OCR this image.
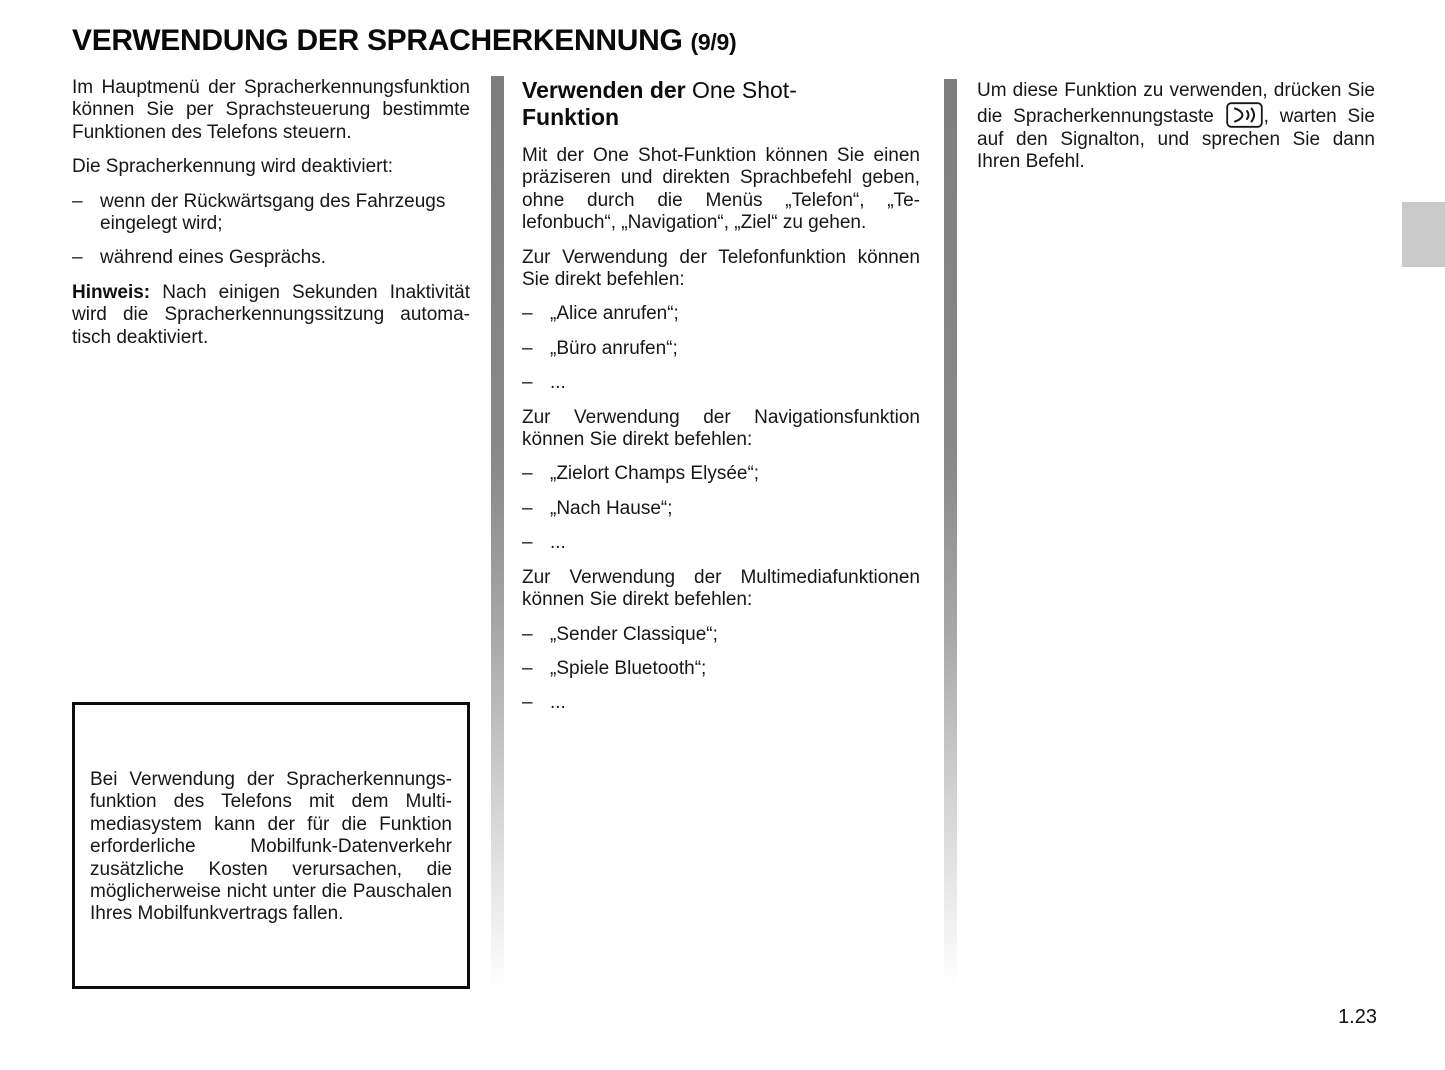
VERWENDUNG DER SPRACHERKENNUNG (9/9)

Im Hauptmenü der Spracherkennungsfunktion können Sie per Sprachsteuerung bestimmte Funktionen des Telefons steuern.

Die Spracherkennung wird deaktiviert:

– wenn der Rückwärtsgang des Fahrzeugs eingelegt wird;
– während eines Gesprächs.

Hinweis: Nach einigen Sekunden Inaktivität wird die Spracherkennungssitzung automatisch deaktiviert.

Verwenden der One Shot-
Funktion

Mit der One Shot-Funktion können Sie einen präziseren und direkten Sprachbefehl geben, ohne durch die Menüs „Telefon“, „Telefonbuch“, „Navigation“, „Ziel“ zu gehen.

Zur Verwendung der Telefonfunktion können Sie direkt befehlen:

– „Alice anrufen“;
– „Büro anrufen“;
– ...

Zur Verwendung der Navigationsfunktion können Sie direkt befehlen:

– „Zielort Champs Elysée“;
– „Nach Hause“;
– ...

Zur Verwendung der Multimediafunktionen können Sie direkt befehlen:

– „Sender Classique“;
– „Spiele Bluetooth“;
– ...

Um diese Funktion zu verwenden, drücken Sie die Spracherkennungstaste , warten Sie auf den Signalton, und sprechen Sie dann Ihren Befehl.

Bei Verwendung der Spracherkennungsfunktion des Telefons mit dem Multimediasystem kann der für die Funktion erforderliche Mobilfunk-Datenverkehr zusätzliche Kosten verursachen, die möglicherweise nicht unter die Pauschalen Ihres Mobilfunkvertrags fallen.
1.23
